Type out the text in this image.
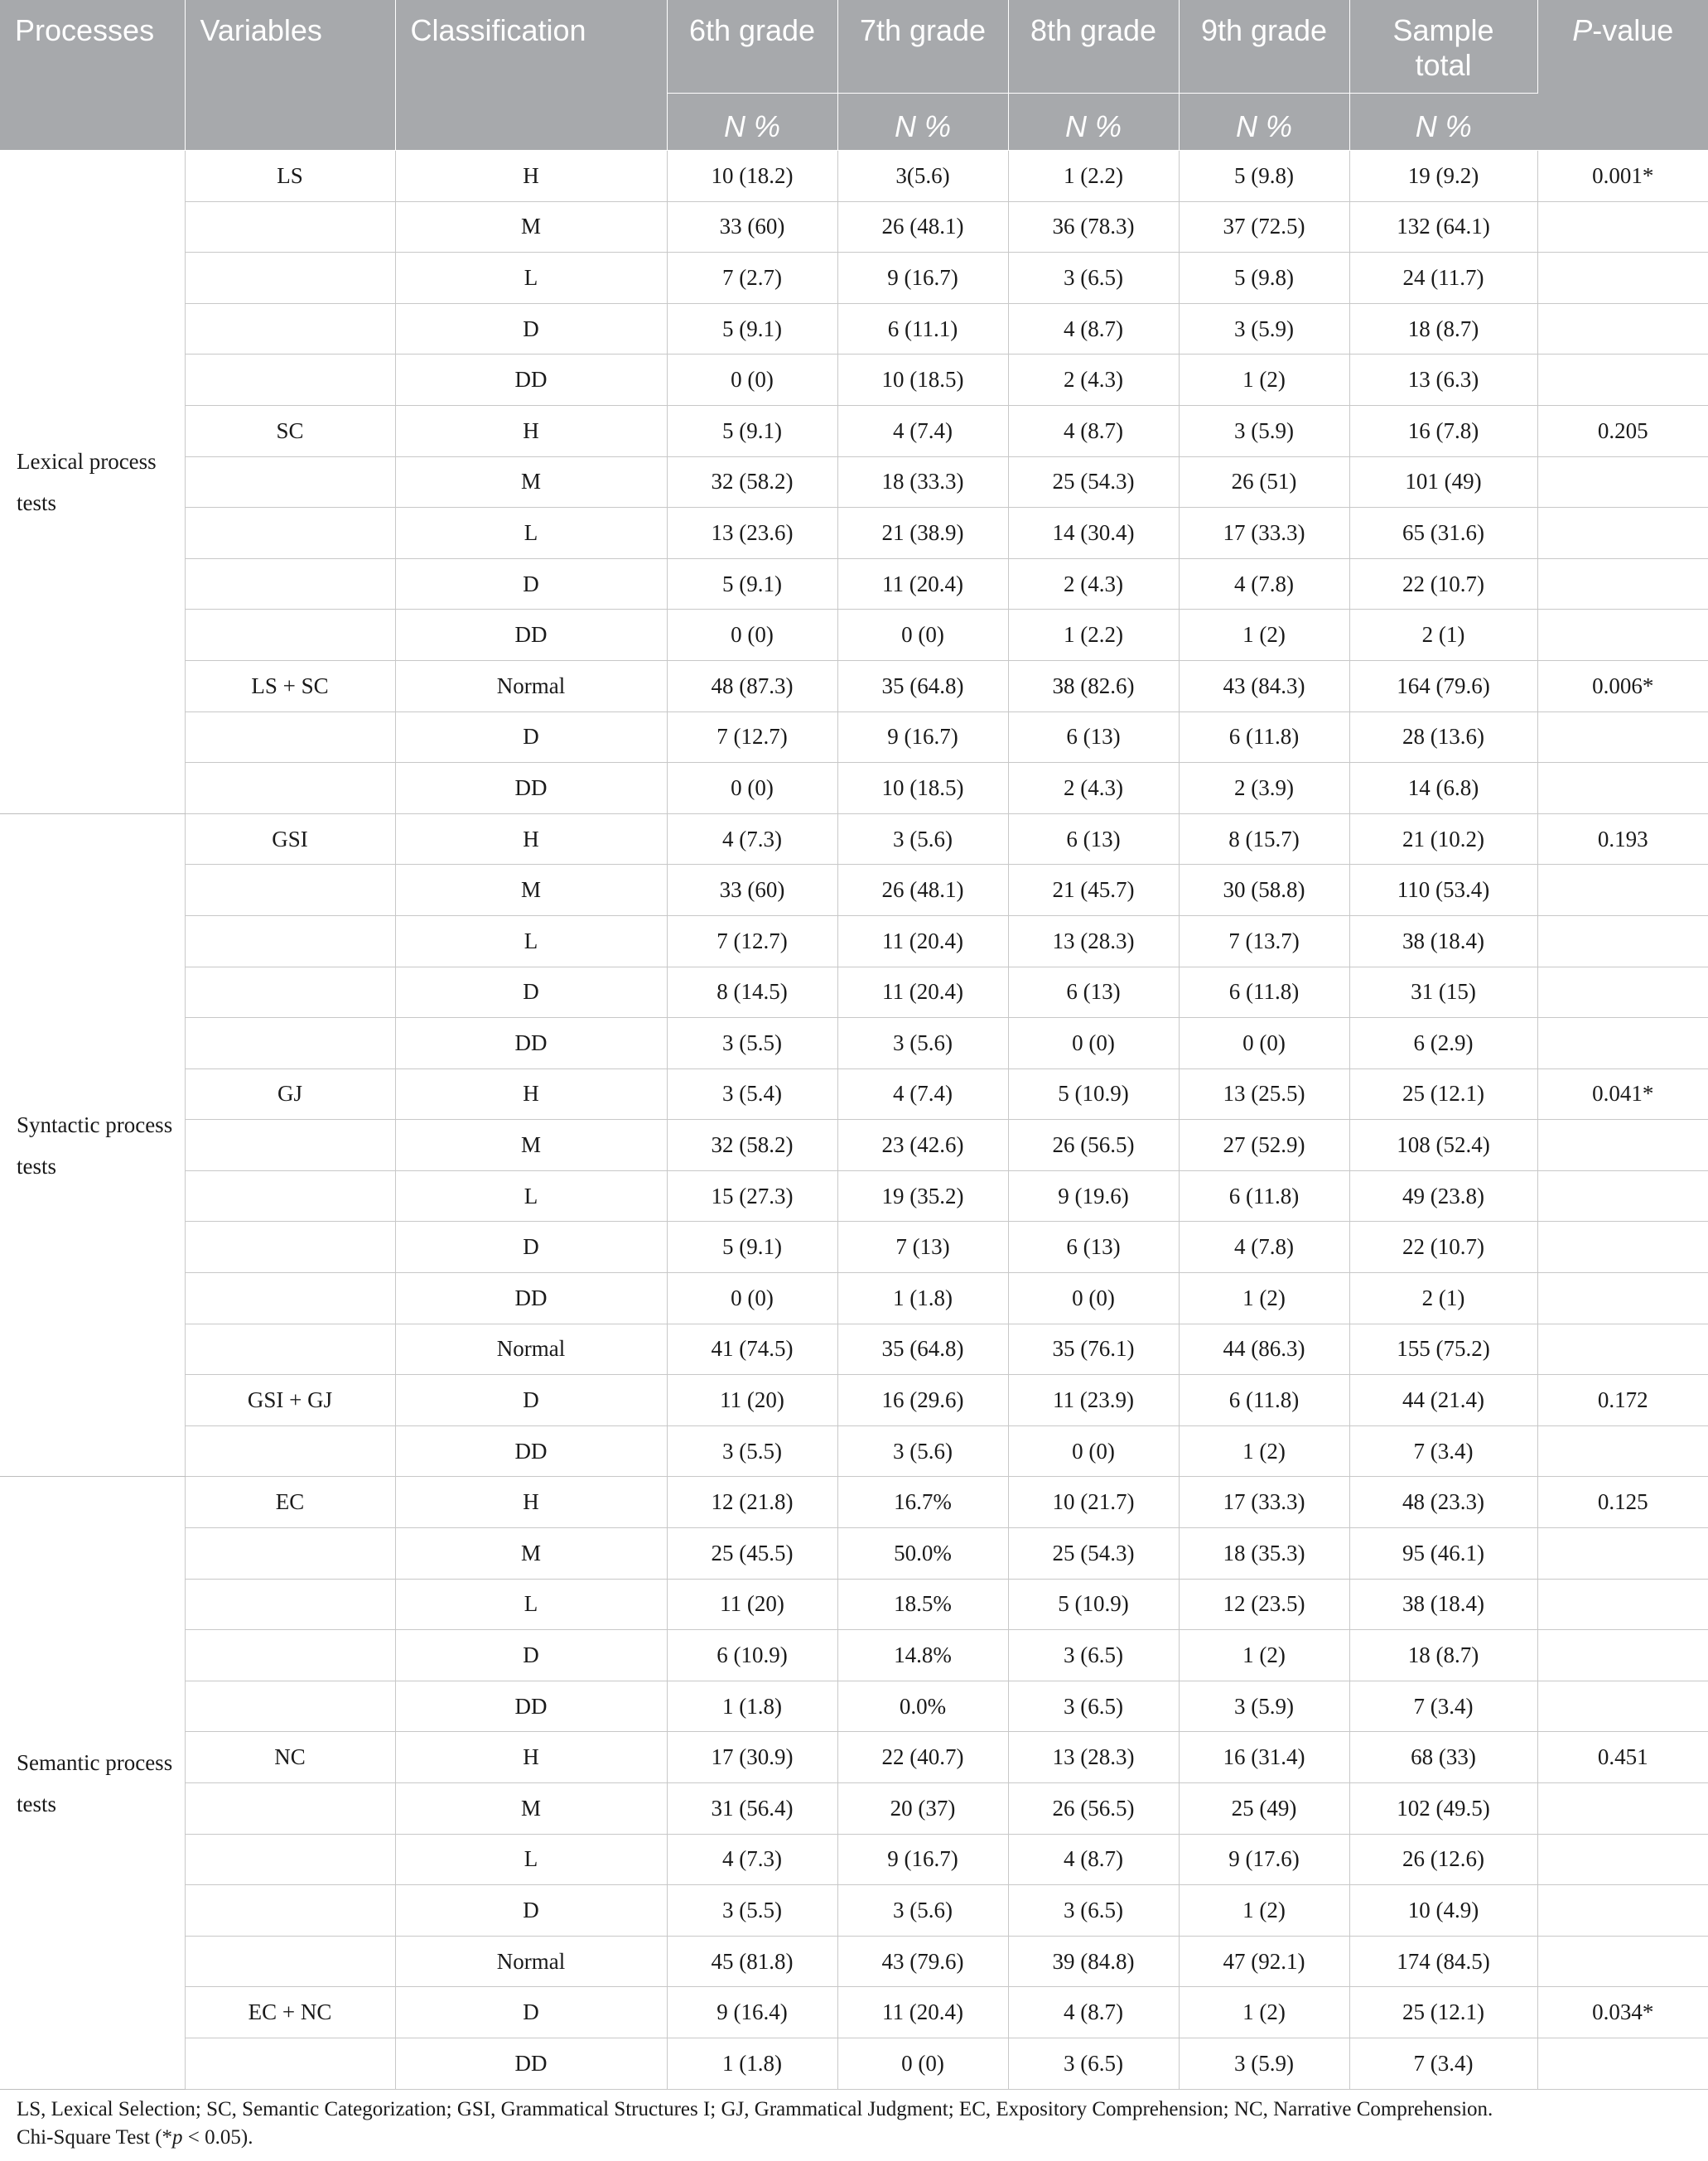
Processes	Variables	Classification	6th grade	7th grade	8th grade	9th grade	Sample total	P-value
			N %	N %	N %	N %	N %	
Lexical process tests	LS	H	10 (18.2)	3(5.6)	1 (2.2)	5 (9.8)	19 (9.2)	0.001*
		M	33 (60)	26 (48.1)	36 (78.3)	37 (72.5)	132 (64.1)	
		L	7 (2.7)	9 (16.7)	3 (6.5)	5 (9.8)	24 (11.7)	
		D	5 (9.1)	6 (11.1)	4 (8.7)	3 (5.9)	18 (8.7)	
		DD	0 (0)	10 (18.5)	2 (4.3)	1 (2)	13 (6.3)	
	SC	H	5 (9.1)	4 (7.4)	4 (8.7)	3 (5.9)	16 (7.8)	0.205
		M	32 (58.2)	18 (33.3)	25 (54.3)	26 (51)	101 (49)	
		L	13 (23.6)	21 (38.9)	14 (30.4)	17 (33.3)	65 (31.6)	
		D	5 (9.1)	11 (20.4)	2 (4.3)	4 (7.8)	22 (10.7)	
		DD	0 (0)	0 (0)	1 (2.2)	1 (2)	2 (1)	
	LS + SC	Normal	48 (87.3)	35 (64.8)	38 (82.6)	43 (84.3)	164 (79.6)	0.006*
		D	7 (12.7)	9 (16.7)	6 (13)	6 (11.8)	28 (13.6)	
		DD	0 (0)	10 (18.5)	2 (4.3)	2 (3.9)	14 (6.8)	
Syntactic process tests	GSI	H	4 (7.3)	3 (5.6)	6 (13)	8 (15.7)	21 (10.2)	0.193
		M	33 (60)	26 (48.1)	21 (45.7)	30 (58.8)	110 (53.4)	
		L	7 (12.7)	11 (20.4)	13 (28.3)	7 (13.7)	38 (18.4)	
		D	8 (14.5)	11 (20.4)	6 (13)	6 (11.8)	31 (15)	
		DD	3 (5.5)	3 (5.6)	0 (0)	0 (0)	6 (2.9)	
	GJ	H	3 (5.4)	4 (7.4)	5 (10.9)	13 (25.5)	25 (12.1)	0.041*
		M	32 (58.2)	23 (42.6)	26 (56.5)	27 (52.9)	108 (52.4)	
		L	15 (27.3)	19 (35.2)	9 (19.6)	6 (11.8)	49 (23.8)	
		D	5 (9.1)	7 (13)	6 (13)	4 (7.8)	22 (10.7)	
		DD	0 (0)	1 (1.8)	0 (0)	1 (2)	2 (1)	
		Normal	41 (74.5)	35 (64.8)	35 (76.1)	44 (86.3)	155 (75.2)	
	GSI + GJ	D	11 (20)	16 (29.6)	11 (23.9)	6 (11.8)	44 (21.4)	0.172
		DD	3 (5.5)	3 (5.6)	0 (0)	1 (2)	7 (3.4)	
Semantic process tests	EC	H	12 (21.8)	16.7%	10 (21.7)	17 (33.3)	48 (23.3)	0.125
		M	25 (45.5)	50.0%	25 (54.3)	18 (35.3)	95 (46.1)	
		L	11 (20)	18.5%	5 (10.9)	12 (23.5)	38 (18.4)	
		D	6 (10.9)	14.8%	3 (6.5)	1 (2)	18 (8.7)	
		DD	1 (1.8)	0.0%	3 (6.5)	3 (5.9)	7 (3.4)	
	NC	H	17 (30.9)	22 (40.7)	13 (28.3)	16 (31.4)	68 (33)	0.451
		M	31 (56.4)	20 (37)	26 (56.5)	25 (49)	102 (49.5)	
		L	4 (7.3)	9 (16.7)	4 (8.7)	9 (17.6)	26 (12.6)	
		D	3 (5.5)	3 (5.6)	3 (6.5)	1 (2)	10 (4.9)	
		Normal	45 (81.8)	43 (79.6)	39 (84.8)	47 (92.1)	174 (84.5)	
	EC + NC	D	9 (16.4)	11 (20.4)	4 (8.7)	1 (2)	25 (12.1)	0.034*
		DD	1 (1.8)	0 (0)	3 (6.5)	3 (5.9)	7 (3.4)	
LS, Lexical Selection; SC, Semantic Categorization; GSI, Grammatical Structures I; GJ, Grammatical Judgment; EC, Expository Comprehension; NC, Narrative Comprehension.
Chi-Square Test (*p < 0.05).
